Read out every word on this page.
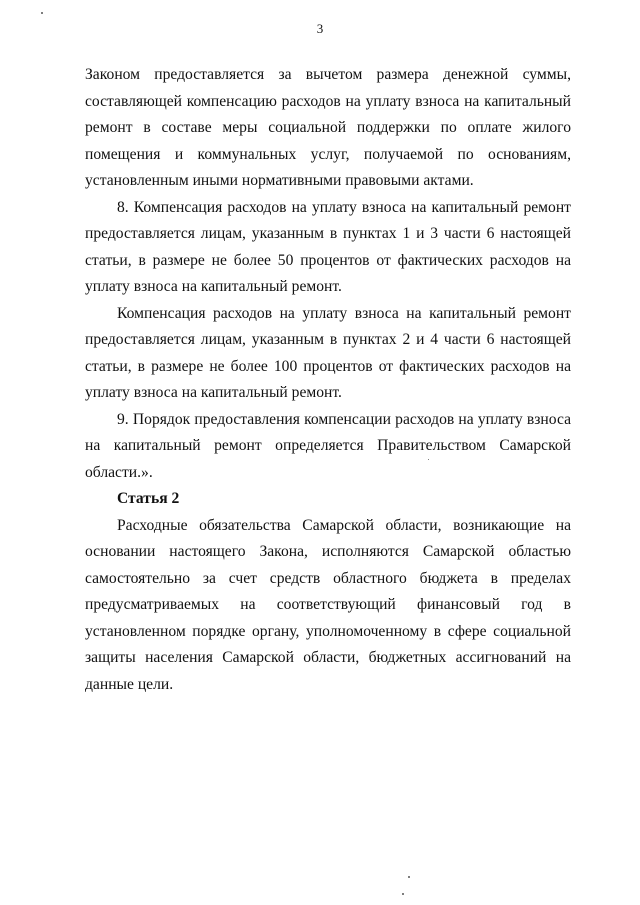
3

Законом предоставляется за вычетом размера денежной суммы, составляющей компенсацию расходов на уплату взноса на капитальный ремонт в составе меры социальной поддержки по оплате жилого помещения и коммунальных услуг, получаемой по основаниям, установленным иными нормативными правовыми актами.

8. Компенсация расходов на уплату взноса на капитальный ремонт предоставляется лицам, указанным в пунктах 1 и 3 части 6 настоящей статьи, в размере не более 50 процентов от фактических расходов на уплату взноса на капитальный ремонт.

Компенсация расходов на уплату взноса на капитальный ремонт предоставляется лицам, указанным в пунктах 2 и 4 части 6 настоящей статьи, в размере не более 100 процентов от фактических расходов на уплату взноса на капитальный ремонт.

9. Порядок предоставления компенсации расходов на уплату взноса на капитальный ремонт определяется Правительством Самарской области.».

Статья 2

Расходные обязательства Самарской области, возникающие на основании настоящего Закона, исполняются Самарской областью самостоятельно за счет средств областного бюджета в пределах предусматриваемых на соответствующий финансовый год в установленном порядке органу, уполномоченному в сфере социальной защиты населения Самарской области, бюджетных ассигнований на данные цели.
